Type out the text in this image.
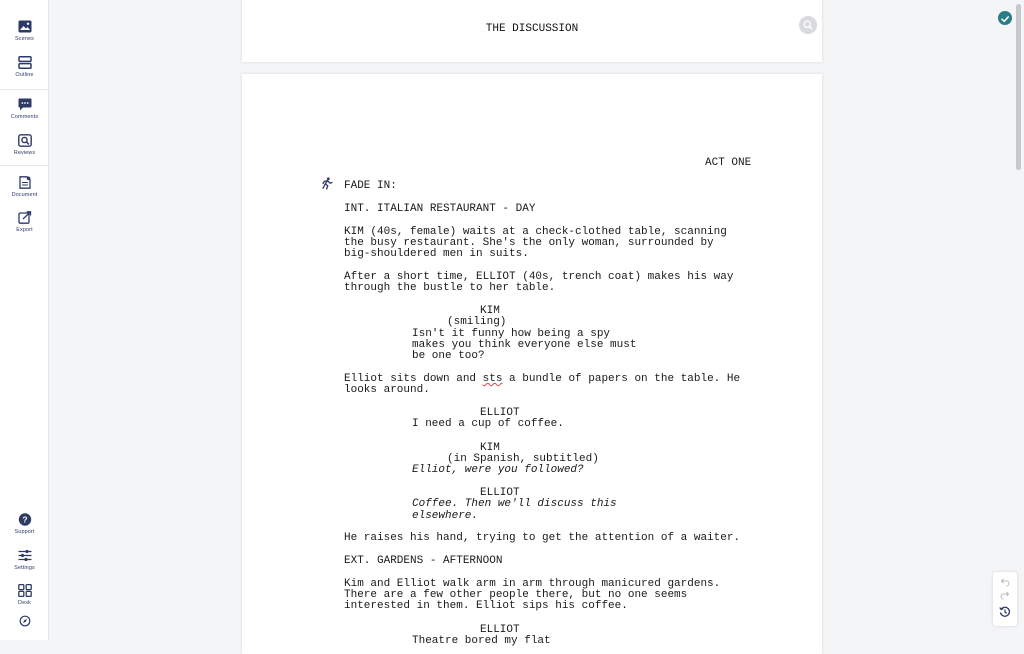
Scenes
Outline
Comments
Reviews
Document
Export
?
Support
Settings
Desk
THE DISCUSSION
ACT ONE
FADE IN:
INT. ITALIAN RESTAURANT - DAY
KIM (40s, female) waits at a check-clothed table, scanning
the busy restaurant. She's the only woman, surrounded by
big-shouldered men in suits.
After a short time, ELLIOT (40s, trench coat) makes his way
through the bustle to her table.
KIM
(smiling)
Isn't it funny how being a spy
makes you think everyone else must
be one too?
Elliot sits down and sts a bundle of papers on the table. He
looks around.
ELLIOT
I need a cup of coffee.
KIM
(in Spanish, subtitled)
Elliot, were you followed?
ELLIOT
Coffee. Then we'll discuss this
elsewhere.
He raises his hand, trying to get the attention of a waiter.
EXT. GARDENS - AFTERNOON
Kim and Elliot walk arm in arm through manicured gardens.
There are a few other people there, but no one seems
interested in them. Elliot sips his coffee.
ELLIOT
Theatre bored my flat
